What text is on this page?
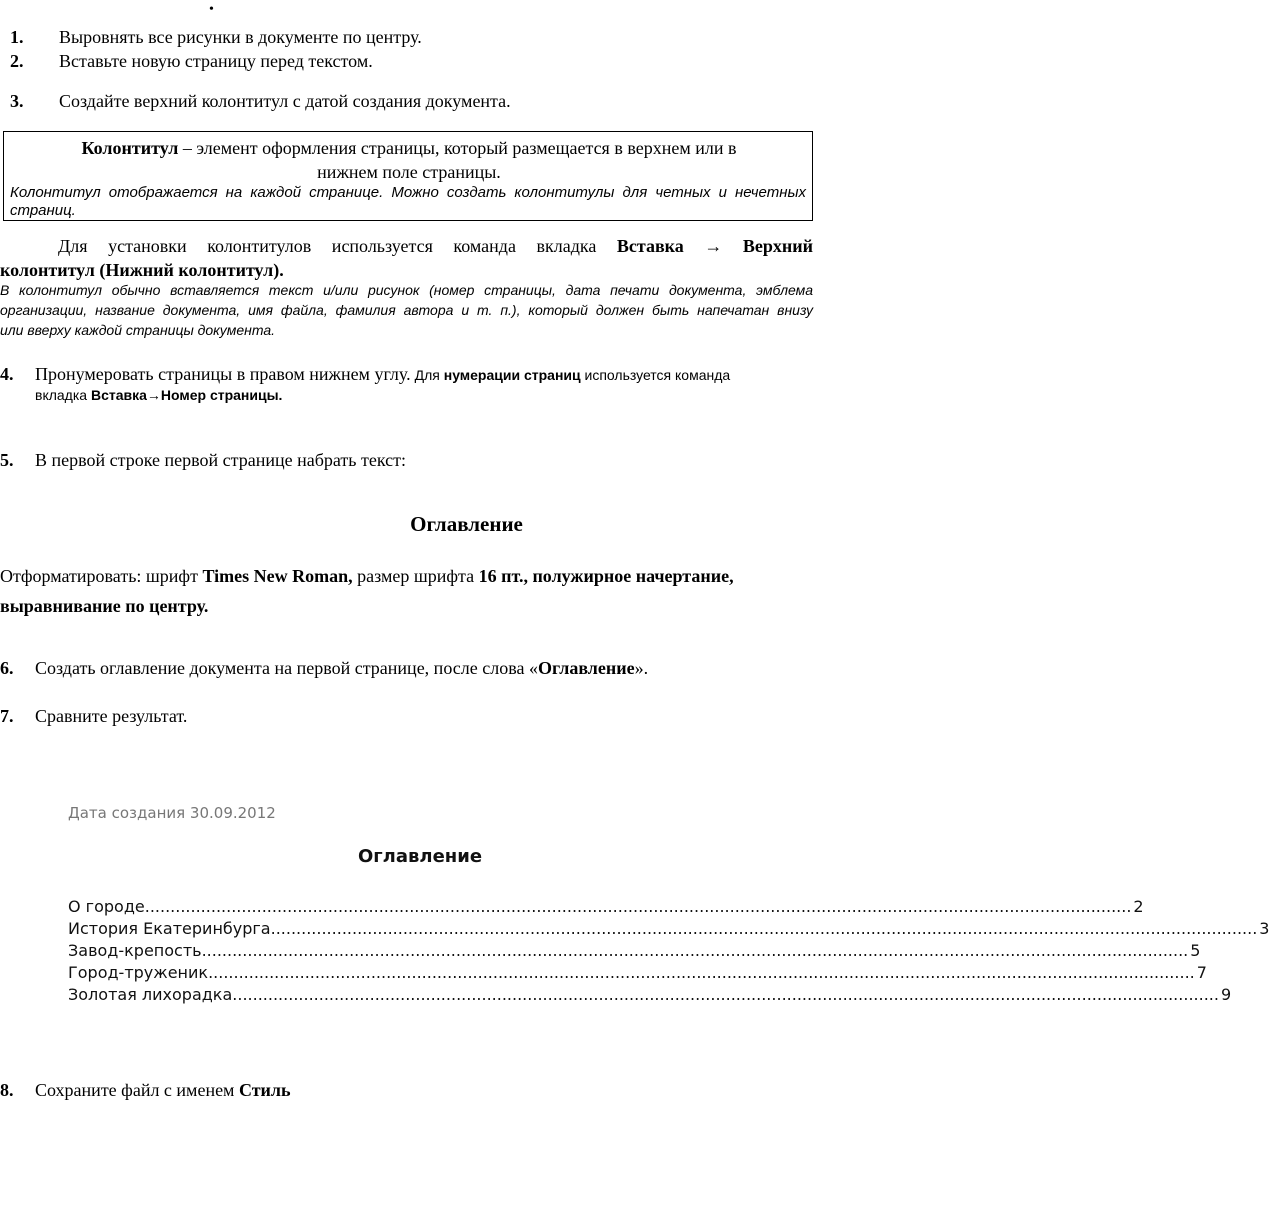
•
1. Выровнять все рисунки в документе по центру.
2. Вставьте новую страницу перед текстом.
3. Создайте верхний колонтитул с датой создания документа.
Колонтитул – элемент оформления страницы, который размещается в верхнем или в
нижнем поле страницы.
Колонтитул отображается на каждой странице. Можно создать колонтитулы для четных и нечетных
страниц.
Для установки колонтитулов используется команда вкладка Вставка → Верхний
колонтитул (Нижний колонтитул).
В колонтитул обычно вставляется текст и/или рисунок (номер страницы, дата печати документа, эмблема
организации, название документа, имя файла, фамилия автора и т. п.), который должен быть напечатан внизу
или вверху каждой страницы документа.
4. Пронумеровать страницы в правом нижнем углу. Для нумерации страниц используется команда
вкладка Вставка→Номер страницы.
5. В первой строке первой странице набрать текст:
Оглавление
Отформатировать: шрифт Times New Roman, размер шрифта 16 пт., полужирное начертание,
выравнивание по центру.
6. Создать оглавление документа на первой странице, после слова «Оглавление».
7. Сравните результат.
Дата создания 30.09.2012
Оглавление
О городе .................................................................................................................................................................................................. 2
История Екатеринбурга .................................................................................................................................................................................................. 3
Завод-крепость .................................................................................................................................................................................................. 5
Город-труженик .................................................................................................................................................................................................. 7
Золотая лихорадка .................................................................................................................................................................................................. 9
8. Сохраните файл с именем Стиль
